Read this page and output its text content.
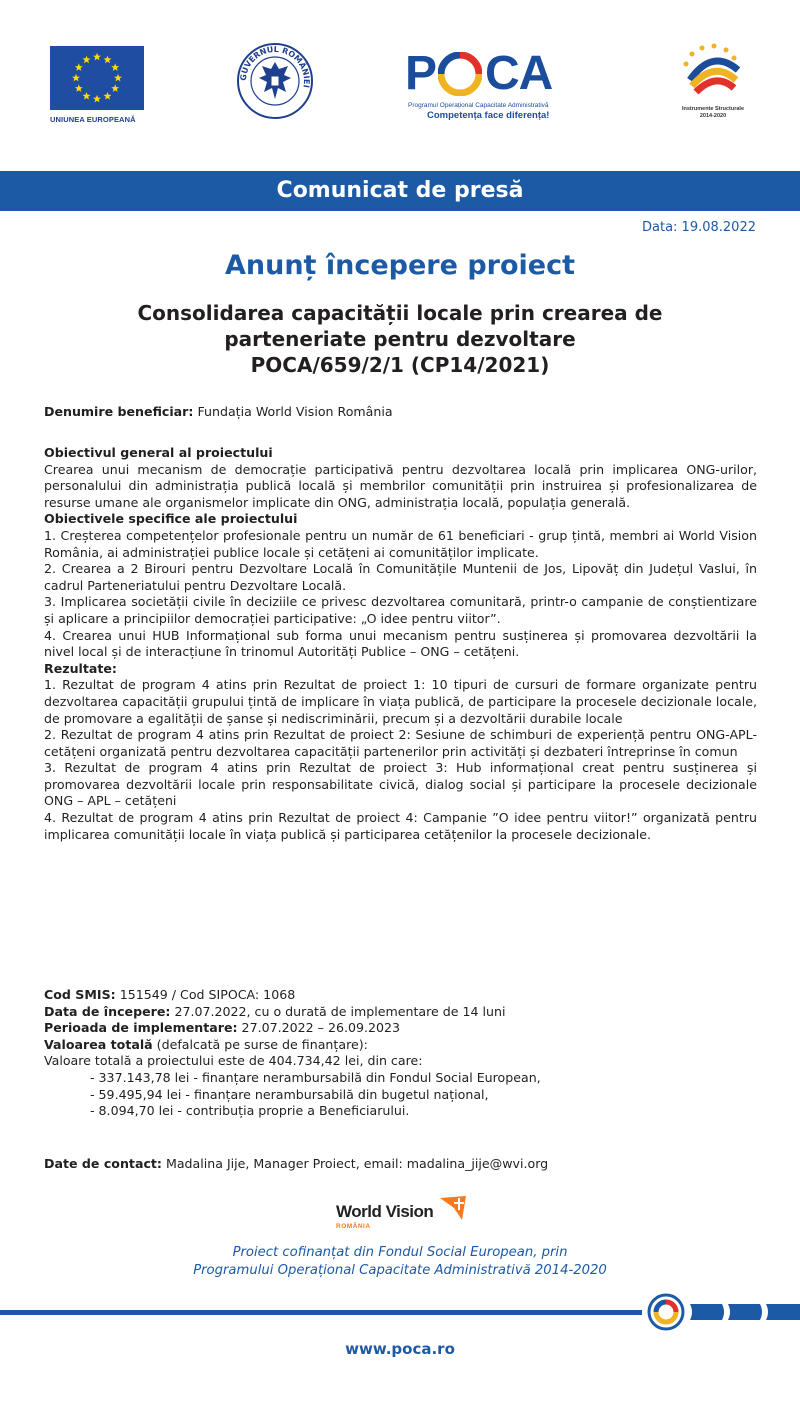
UNIUNEA EUROPEANĂ
GUVERNUL ROMÂNIEI P CA
Programul Operațional Capacitate Administrativă
Competența face diferența!
Instrumente Structurale
2014-2020
Comunicat de presă
Data: 19.08.2022
Anunț începere proiect
Consolidarea capacității locale prin crearea de
parteneriate pentru dezvoltare
POCA/659/2/1 (CP14/2021)
Denumire beneficiar: Fundația World Vision România
Obiectivul general al proiectului
Crearea unui mecanism de democrație participativă pentru dezvoltarea locală prin implicarea ONG-urilor, personalului din administrația publică locală și membrilor comunității prin instruirea și profesionalizarea de resurse umane ale organismelor implicate din ONG, administrația locală, populația generală.
Obiectivele specifice ale proiectului
1. Creșterea competențelor profesionale pentru un număr de 61 beneficiari - grup țintă, membri ai World Vision România, ai administrației publice locale și cetățeni ai comunităților implicate.
2. Crearea a 2 Birouri pentru Dezvoltare Locală în Comunitățile Muntenii de Jos, Lipovăț din Județul Vaslui, în cadrul Parteneriatului pentru Dezvoltare Locală.
3. Implicarea societății civile în deciziile ce privesc dezvoltarea comunitară, printr-o campanie de conștientizare și aplicare a principiilor democrației participative: „O idee pentru viitor”.
4. Crearea unui HUB Informațional sub forma unui mecanism pentru susținerea și promovarea dezvoltării la nivel local și de interacțiune în trinomul Autorități Publice – ONG – cetățeni.
Rezultate:
1. Rezultat de program 4 atins prin Rezultat de proiect 1: 10 tipuri de cursuri de formare organizate pentru dezvoltarea capacității grupului țintă de implicare în viața publică, de participare la procesele decizionale locale, de promovare a egalității de șanse și nediscriminării, precum și a dezvoltării durabile locale
2. Rezultat de program 4 atins prin Rezultat de proiect 2: Sesiune de schimburi de experiență pentru ONG-APL-cetățeni organizată pentru dezvoltarea capacității partenerilor prin activități și dezbateri întreprinse în comun
3. Rezultat de program 4 atins prin Rezultat de proiect 3: Hub informațional creat pentru susținerea și promovarea dezvoltării locale prin responsabilitate civică, dialog social și participare la procesele decizionale ONG – APL – cetățeni
4. Rezultat de program 4 atins prin Rezultat de proiect 4: Campanie ”O idee pentru viitor!” organizată pentru implicarea comunității locale în viața publică și participarea cetățenilor la procesele decizionale.
Cod SMIS: 151549 / Cod SIPOCA: 1068
Data de începere: 27.07.2022, cu o durată de implementare de 14 luni
Perioada de implementare: 27.07.2022 – 26.09.2023
Valoarea totală (defalcată pe surse de finanțare):
Valoare totală a proiectului este de 404.734,42 lei, din care:
- 337.143,78 lei - finanțare nerambursabilă din Fondul Social European,
- 59.495,94 lei - finanțare nerambursabilă din bugetul național,
- 8.094,70 lei - contribuția proprie a Beneficiarului.
Date de contact: Madalina Jije, Manager Proiect, email: madalina_jije@wvi.org
World Vision
ROMÂNIA
Proiect cofinanțat din Fondul Social European, prin
Programului Operațional Capacitate Administrativă 2014-2020
www.poca.ro
